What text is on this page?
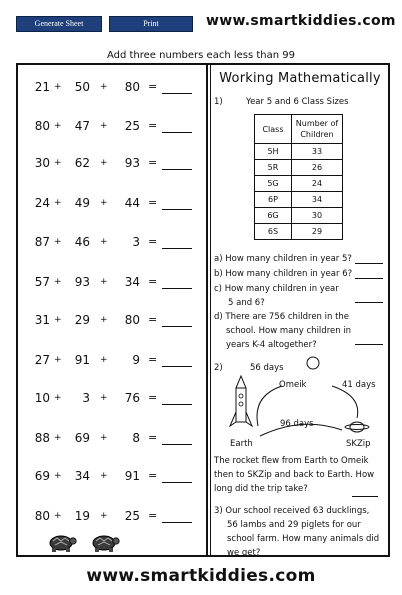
Generate Sheet	Print	www.smartkiddies.com
Add three numbers each less than 99
21 +	50 +	80 =
80 +	47 +	25 =
30 +	62 +	93 =
24 +	49 +	44 =
87 +	46 +	3 =
57 +	93 +	34 =
31 +	29 +	80 =
27 +	91 +	9 =
10 +	3 +	76 =
88 +	69 +	8 =
69 +	34 +	91 =
80 +	19 +	25 =
Working Mathematically
1)	Year 5 and 6 Class Sizes
Class	Number of
Children
5H	33
5R	26
5G	24
6P	34
6G	30
6S	29
a) How many children in year 5?
b) How many children in year 6?
c) How many children in year
5 and 6?
d) There are 756 children in the
school. How many children in
years K-4 altogether?
2)	56 days
Omeik	41 days
96 days
Earth	SKZip
The rocket flew from Earth to Omeik
then to SKZip and back to Earth. How
long did the trip take?
3) Our school received 63 ducklings,
56 lambs and 29 piglets for our
school farm. How many animals did
we get?
www.smartkiddies.com
